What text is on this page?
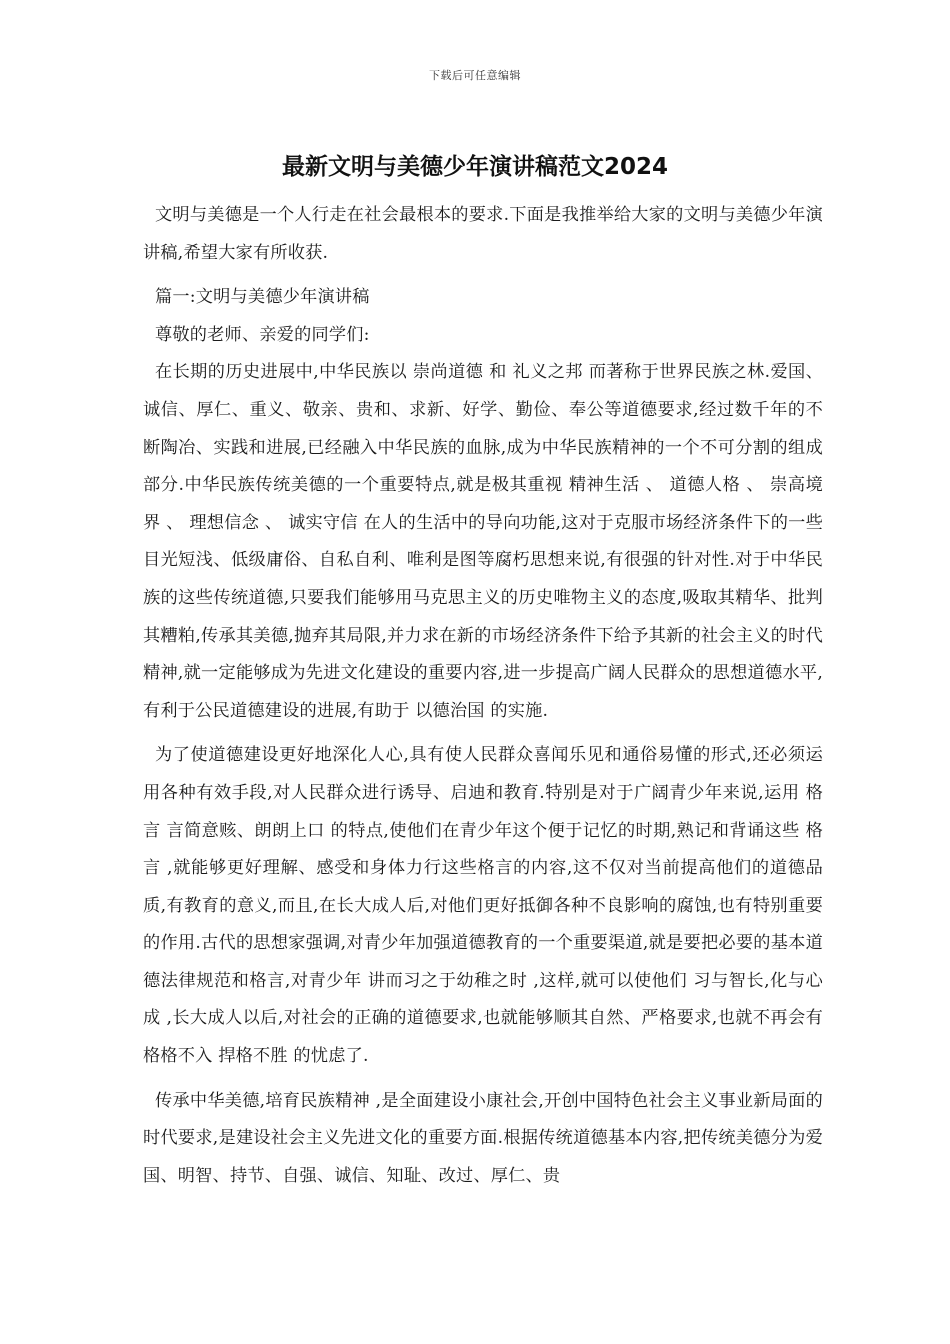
下载后可任意编辑
最新文明与美德少年演讲稿范文2024

文明与美德是一个人行走在社会最根本的要求.下面是我推举给大家的文明与美德少年演讲稿,希望大家有所收获.

篇一:文明与美德少年演讲稿

尊敬的老师、亲爱的同学们:

在长期的历史进展中,中华民族以 崇尚道德 和 礼义之邦 而著称于世界民族之林.爱国、诚信、厚仁、重义、敬亲、贵和、求新、好学、勤俭、奉公等道德要求,经过数千年的不断陶冶、实践和进展,已经融入中华民族的血脉,成为中华民族精神的一个不可分割的组成部分.中华民族传统美德的一个重要特点,就是极其重视 精神生活 、 道德人格 、 崇高境界 、 理想信念 、 诚实守信 在人的生活中的导向功能,这对于克服市场经济条件下的一些目光短浅、低级庸俗、自私自利、唯利是图等腐朽思想来说,有很强的针对性.对于中华民族的这些传统道德,只要我们能够用马克思主义的历史唯物主义的态度,吸取其精华、批判其糟粕,传承其美德,抛弃其局限,并力求在新的市场经济条件下给予其新的社会主义的时代精神,就一定能够成为先进文化建设的重要内容,进一步提高广阔人民群众的思想道德水平,有利于公民道德建设的进展,有助于 以德治国 的实施.

为了使道德建设更好地深化人心,具有使人民群众喜闻乐见和通俗易懂的形式,还必须运用各种有效手段,对人民群众进行诱导、启迪和教育.特别是对于广阔青少年来说,运用 格言 言简意赅、朗朗上口 的特点,使他们在青少年这个便于记忆的时期,熟记和背诵这些 格言 ,就能够更好理解、感受和身体力行这些格言的内容,这不仅对当前提高他们的道德品质,有教育的意义,而且,在长大成人后,对他们更好抵御各种不良影响的腐蚀,也有特别重要的作用.古代的思想家强调,对青少年加强道德教育的一个重要渠道,就是要把必要的基本道德法律规范和格言,对青少年 讲而习之于幼稚之时 ,这样,就可以使他们 习与智长,化与心成 ,长大成人以后,对社会的正确的道德要求,也就能够顺其自然、严格要求,也就不再会有格格不入 捍格不胜 的忧虑了.

传承中华美德,培育民族精神 ,是全面建设小康社会,开创中国特色社会主义事业新局面的时代要求,是建设社会主义先进文化的重要方面.根据传统道德基本内容,把传统美德分为爱国、明智、持节、自强、诚信、知耻、改过、厚仁、贵
